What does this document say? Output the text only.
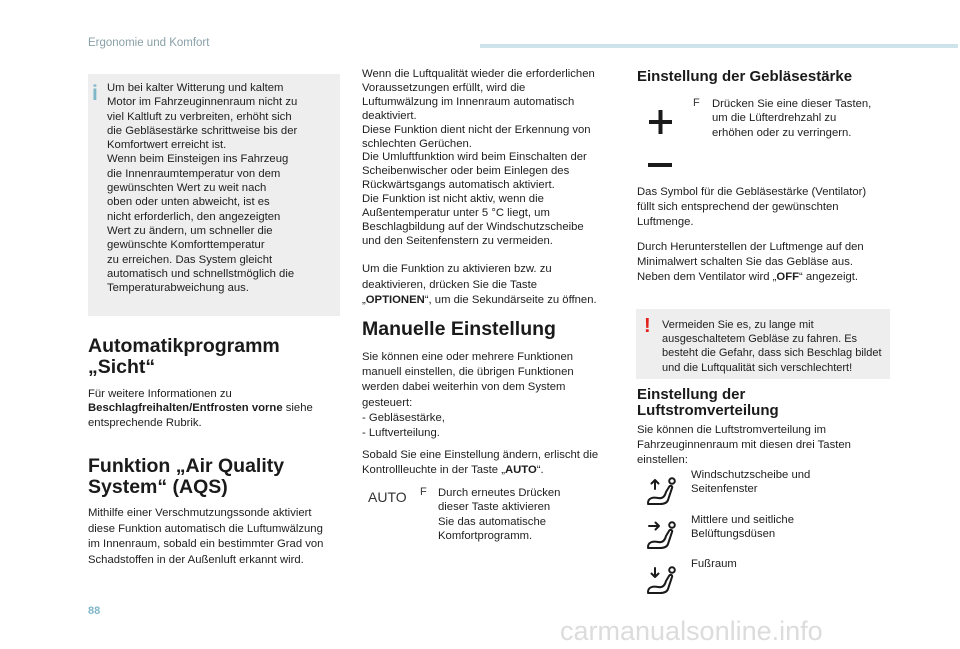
Ergonomie und Komfort
i Um bei kalter Witterung und kaltem
Motor im Fahrzeuginnenraum nicht zu
viel Kaltluft zu verbreiten, erhöht sich
die Gebläsestärke schrittweise bis der
Komfortwert erreicht ist.
Wenn beim Einsteigen ins Fahrzeug
die Innenraumtemperatur von dem
gewünschten Wert zu weit nach
oben oder unten abweicht, ist es
nicht erforderlich, den angezeigten
Wert zu ändern, um schneller die
gewünschte Komforttemperatur
zu erreichen. Das System gleicht
automatisch und schnellstmöglich die
Temperaturabweichung aus.
Automatikprogramm
„Sicht“
Für weitere Informationen zu
Beschlagfreihalten/Entfrosten vorne siehe
entsprechende Rubrik.
Funktion „Air Quality
System“ (AQS)
Mithilfe einer Verschmutzungssonde aktiviert
diese Funktion automatisch die Luftumwälzung
im Innenraum, sobald ein bestimmter Grad von
Schadstoffen in der Außenluft erkannt wird.
Wenn die Luftqualität wieder die erforderlichen
Voraussetzungen erfüllt, wird die
Luftumwälzung im Innenraum automatisch
deaktiviert.
Diese Funktion dient nicht der Erkennung von
schlechten Gerüchen.
Die Umluftfunktion wird beim Einschalten der
Scheibenwischer oder beim Einlegen des
Rückwärtsgangs automatisch aktiviert.
Die Funktion ist nicht aktiv, wenn die
Außentemperatur unter 5 °C liegt, um
Beschlagbildung auf der Windschutzscheibe
und den Seitenfenstern zu vermeiden.
Um die Funktion zu aktivieren bzw. zu
deaktivieren, drücken Sie die Taste
„OPTIONEN“, um die Sekundärseite zu öffnen.
Manuelle Einstellung
Sie können eine oder mehrere Funktionen
manuell einstellen, die übrigen Funktionen
werden dabei weiterhin von dem System
gesteuert:
- Gebläsestärke,
- Luftverteilung.
Sobald Sie eine Einstellung ändern, erlischt die
Kontrollleuchte in der Taste „AUTO“.
AUTO F Durch erneutes Drücken
dieser Taste aktivieren
Sie das automatische
Komfortprogramm.
Einstellung der Gebläsestärke
F Drücken Sie eine dieser Tasten,
um die Lüfterdrehzahl zu
erhöhen oder zu verringern.
Das Symbol für die Gebläsestärke (Ventilator)
füllt sich entsprechend der gewünschten
Luftmenge.
Durch Herunterstellen der Luftmenge auf den
Minimalwert schalten Sie das Gebläse aus.
Neben dem Ventilator wird „OFF“ angezeigt.
! Vermeiden Sie es, zu lange mit
ausgeschaltetem Gebläse zu fahren. Es
besteht die Gefahr, dass sich Beschlag bildet
und die Luftqualität sich verschlechtert!
Einstellung der
Luftstromverteilung
Sie können die Luftstromverteilung im
Fahrzeuginnenraum mit diesen drei Tasten
einstellen:
Windschutzscheibe und
Seitenfenster
Mittlere und seitliche
Belüftungsdüsen
Fußraum
88
carmanualsonline.info
